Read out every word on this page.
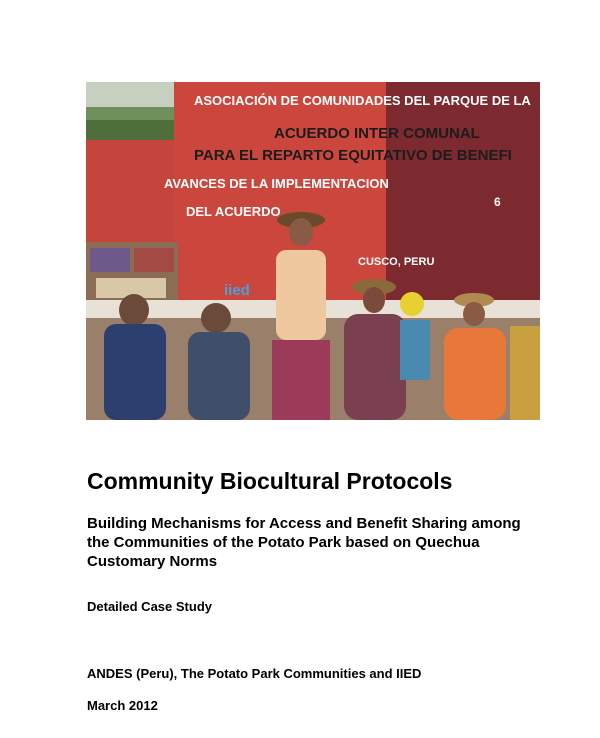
ASOCIACIÓN DE COMUNIDADES DEL PARQUE DE LA
ACUERDO INTER COMUNAL
PARA EL REPARTO EQUITATIVO DE BENEFI
AVANCES DE LA IMPLEMENTACION
DEL ACUERDO
6
CUSCO, PERU
iied
Community Biocultural Protocols
Building Mechanisms for Access and Benefit Sharing among the Communities of the Potato Park based on Quechua Customary Norms

Detailed Case Study

ANDES (Peru), The Potato Park Communities and IIED

March 2012
